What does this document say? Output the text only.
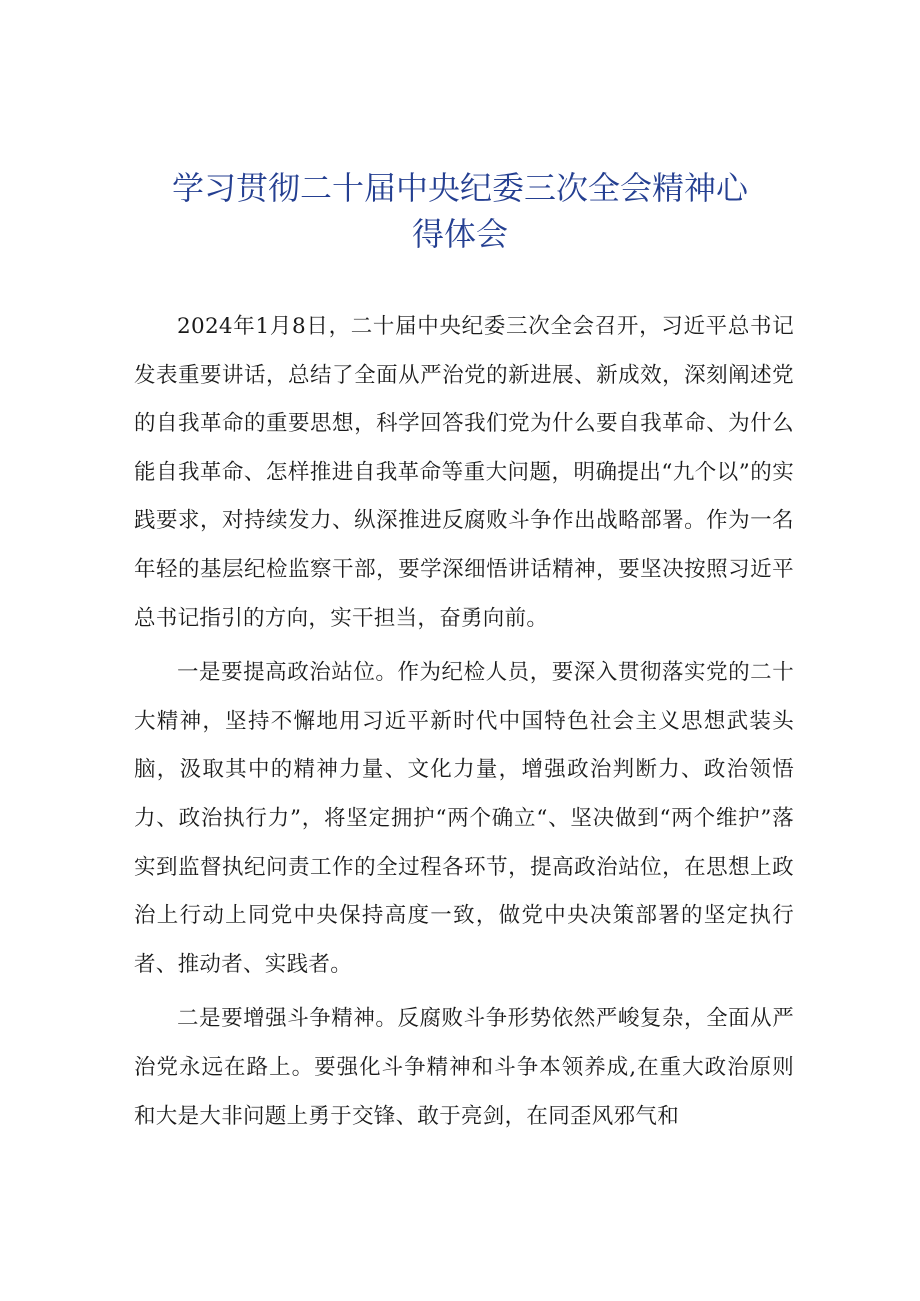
学习贯彻二十届中央纪委三次全会精神心
得体会

2024年1月8日，二十届中央纪委三次全会召开，习近平总书记发表重要讲话，总结了全面从严治党的新进展、新成效，深刻阐述党的自我革命的重要思想，科学回答我们党为什么要自我革命、为什么能自我革命、怎样推进自我革命等重大问题，明确提出“九个以”的实践要求，对持续发力、纵深推进反腐败斗争作出战略部署。作为一名年轻的基层纪检监察干部，要学深细悟讲话精神，要坚决按照习近平总书记指引的方向，实干担当，奋勇向前。

一是要提高政治站位。作为纪检人员，要深入贯彻落实党的二十大精神，坚持不懈地用习近平新时代中国特色社会主义思想武装头脑，汲取其中的精神力量、文化力量，增强政治判断力、政治领悟力、政治执行力”，将坚定拥护“两个确立“、坚决做到“两个维护”落实到监督执纪问责工作的全过程各环节，提高政治站位，在思想上政治上行动上同党中央保持高度一致，做党中央决策部署的坚定执行者、推动者、实践者。

二是要增强斗争精神。反腐败斗争形势依然严峻复杂，全面从严治党永远在路上。要强化斗争精神和斗争本领养成,在重大政治原则和大是大非问题上勇于交锋、敢于亮剑，在同歪风邪气和
